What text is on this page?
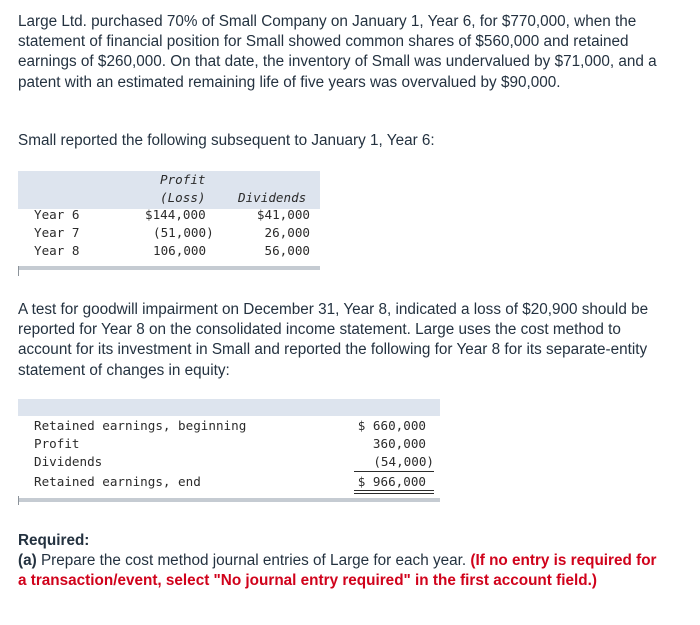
Large Ltd. purchased 70% of Small Company on January 1, Year 6, for $770,000, when the statement of financial position for Small showed common shares of $560,000 and retained earnings of $260,000. On that date, the inventory of Small was undervalued by $71,000, and a patent with an estimated remaining life of five years was overvalued by $90,000.

Small reported the following subsequent to January 1, Year 6:

Profit
(Loss)	Dividends
Year 6	$144,000	$41,000
Year 7	(51,000)	26,000
Year 8	106,000	56,000

A test for goodwill impairment on December 31, Year 8, indicated a loss of $20,900 should be reported for Year 8 on the consolidated income statement. Large uses the cost method to account for its investment in Small and reported the following for Year 8 for its separate-entity statement of changes in equity:

Retained earnings, beginning	$ 660,000
Profit	360,000
Dividends	(54,000)
Retained earnings, end	$ 966,000
Required:
(a) Prepare the cost method journal entries of Large for each year. (If no entry is required for a transaction/event, select "No journal entry required" in the first account field.)
